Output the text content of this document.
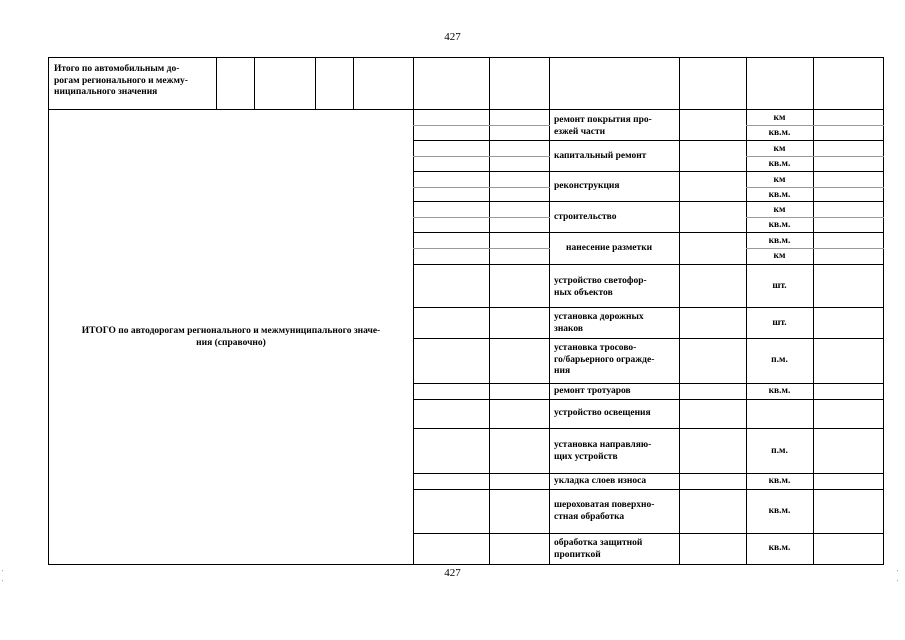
427
427
Итого по автомобильным до-
рогам регионального и межму-
ниципального значения
ИТОГО по автодорогам регионального и межмуниципального значе-
ния (справочно)
ремонт покрытия про-
езжей части
капитальный ремонт
реконструкция
строительство
нанесение разметки
устройство светофор-
ных объектов
установка дорожных
знаков
установка тросово-
го/барьерного огражде-
ния
ремонт тротуаров
устройство освещения
установка направляю-
щих устройств
укладка слоев износа
шероховатая поверхно-
стная обработка
обработка защитной
пропиткой
км
кв.м.
км
кв.м.
км
кв.м.
км
кв.м.
кв.м.
км
шт.
шт.
п.м.
кв.м.
п.м.
кв.м.
кв.м.
кв.м.
'
'
'
'
